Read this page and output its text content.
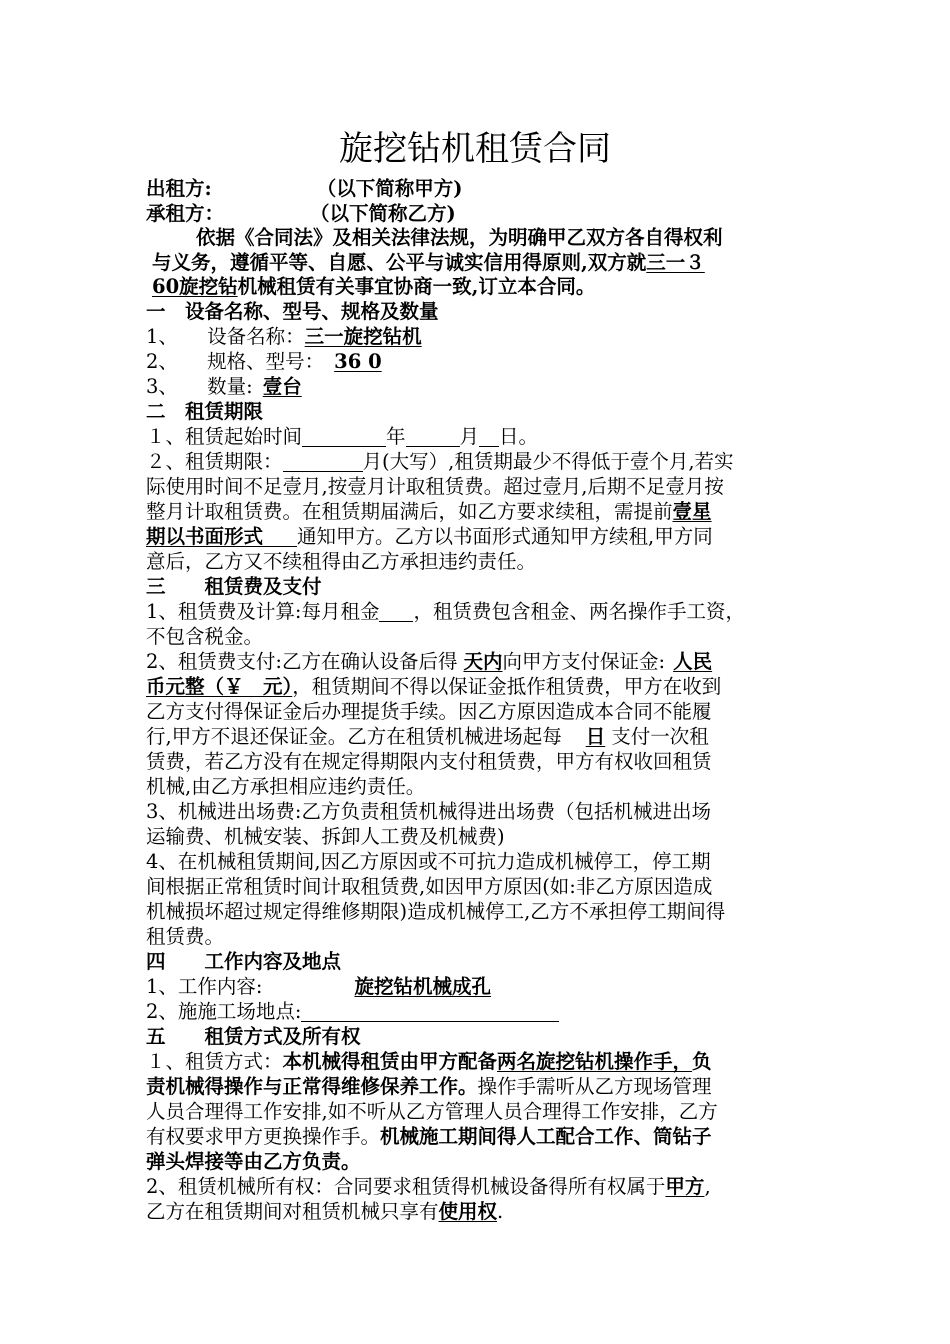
旋挖钻机租赁合同
出租方:	（以下简称甲方)
承租方：	（以下简称乙方)
依据《合同法》及相关法律法规，为明确甲乙双方各自得权利
与义务，遵循平等、自愿、公平与诚实信用得原则,双方就三一３
60旋挖钻机械租赁有关事宜协商一致,订立本合同。
一　设备名称、型号、规格及数量
1、　　设备名称：三一旋挖钻机
2、　　规格、型号： 36 0
3、　　数量: 壹台
二　租赁期限
１、租赁起始时间	年	月 日。
２、租赁期限：	月(大写）,租赁期最少不得低于壹个月,若实
际使用时间不足壹月,按壹月计取租赁费。超过壹月,后期不足壹月按
整月计取租赁费。在租赁期届满后，如乙方要求续租，需提前壹星
期以书面形式 通知甲方。乙方以书面形式通知甲方续租,甲方同
意后，乙方又不续租得由乙方承担违约责任。
三　　租赁费及支付
1、租赁费及计算:每月租金 ，租赁费包含租金、两名操作手工资，
不包含税金。
2、租赁费支付:乙方在确认设备后得 天内向甲方支付保证金: 人民
币元整（￥　元），租赁期间不得以保证金抵作租赁费，甲方在收到
乙方支付得保证金后办理提货手续。因乙方原因造成本合同不能履
行,甲方不退还保证金。乙方在租赁机械进场起每 日 支付一次租
赁费，若乙方没有在规定得期限内支付租赁费，甲方有权收回租赁
机械,由乙方承担相应违约责任。
3、机械进出场费:乙方负责租赁机械得进出场费（包括机械进出场
运输费、机械安装、拆卸人工费及机械费)
4、在机械租赁期间,因乙方原因或不可抗力造成机械停工，停工期
间根据正常租赁时间计取租赁费,如因甲方原因(如:非乙方原因造成
机械损坏超过规定得维修期限)造成机械停工,乙方不承担停工期间得
租赁费。
四　　工作内容及地点
1、工作内容:	旋挖钻机械成孔
2、施施工场地点:
五　　租赁方式及所有权
１、租赁方式：本机械得租赁由甲方配备两名旋挖钻机操作手，负
责机械得操作与正常得维修保养工作。操作手需听从乙方现场管理
人员合理得工作安排,如不听从乙方管理人员合理得工作安排，乙方
有权要求甲方更换操作手。机械施工期间得人工配合工作、筒钻子
弹头焊接等由乙方负责。
2、租赁机械所有权：合同要求租赁得机械设备得所有权属于甲方,
乙方在租赁期间对租赁机械只享有使用权.
